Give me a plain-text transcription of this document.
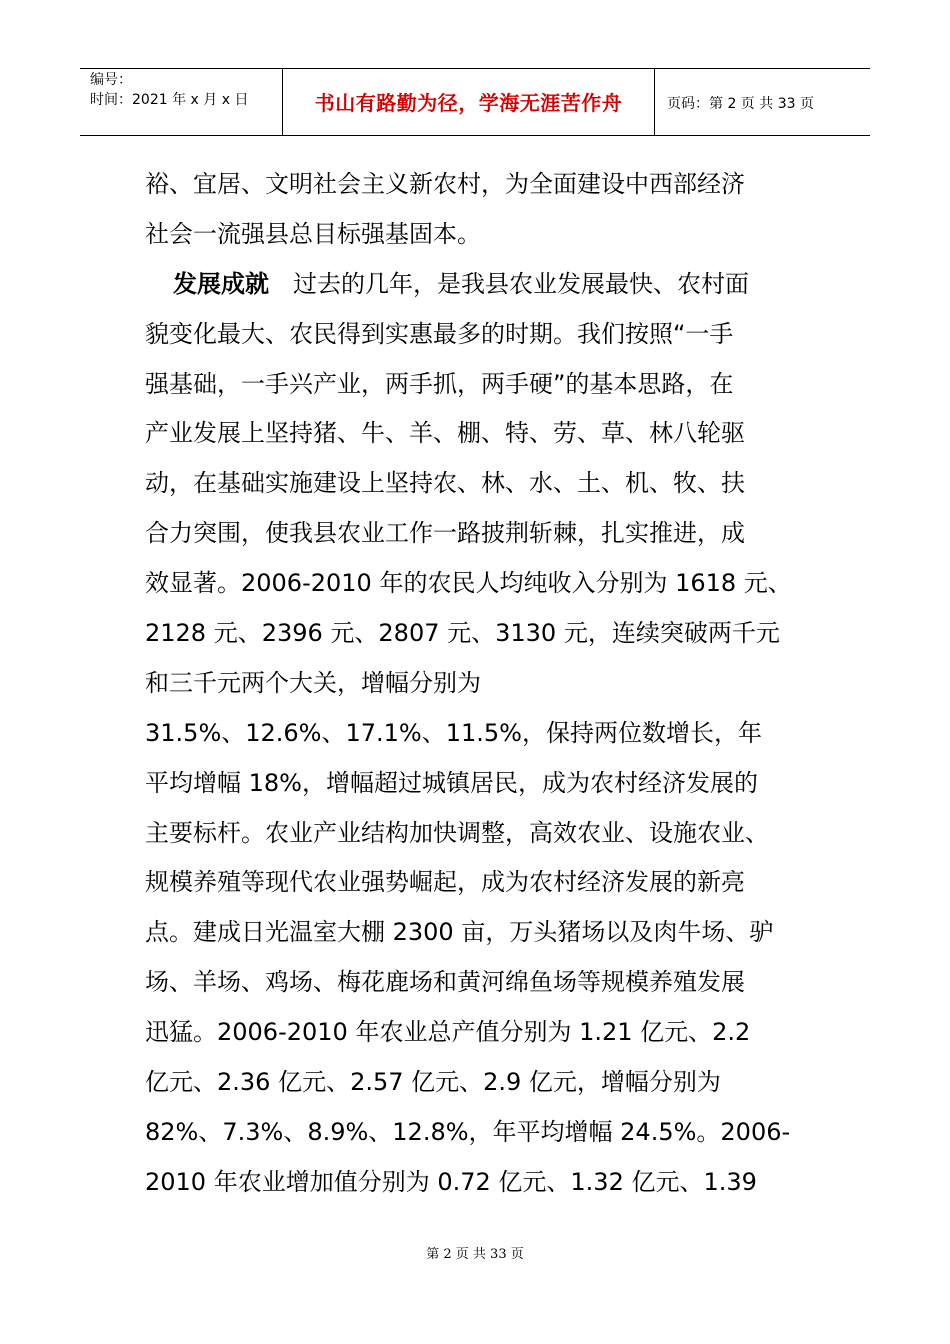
编号：
时间：2021 年 x 月 x 日	书山有路勤为径，学海无涯苦作舟	页码：第 2 页 共 33 页
裕、宜居、文明社会主义新农村，为全面建设中西部经济
社会一流强县总目标强基固本。
发展成就 过去的几年，是我县农业发展最快、农村面
貌变化最大、农民得到实惠最多的时期。我们按照“一手
强基础，一手兴产业，两手抓，两手硬”的基本思路，在
产业发展上坚持猪、牛、羊、棚、特、劳、草、林八轮驱
动，在基础实施建设上坚持农、林、水、土、机、牧、扶
合力突围，使我县农业工作一路披荆斩棘，扎实推进，成
效显著。2006-2010 年的农民人均纯收入分别为 1618 元、
2128 元、2396 元、2807 元、3130 元，连续突破两千元
和三千元两个大关，增幅分别为
31.5%、12.6%、17.1%、11.5%，保持两位数增长，年
平均增幅 18%，增幅超过城镇居民，成为农村经济发展的
主要标杆。农业产业结构加快调整，高效农业、设施农业、
规模养殖等现代农业强势崛起，成为农村经济发展的新亮
点。建成日光温室大棚 2300 亩，万头猪场以及肉牛场、驴
场、羊场、鸡场、梅花鹿场和黄河绵鱼场等规模养殖发展
迅猛。2006-2010 年农业总产值分别为 1.21 亿元、2.2
亿元、2.36 亿元、2.57 亿元、2.9 亿元，增幅分别为
82%、7.3%、8.9%、12.8%，年平均增幅 24.5%。2006-
2010 年农业增加值分别为 0.72 亿元、1.32 亿元、1.39
第 2 页 共 33 页
